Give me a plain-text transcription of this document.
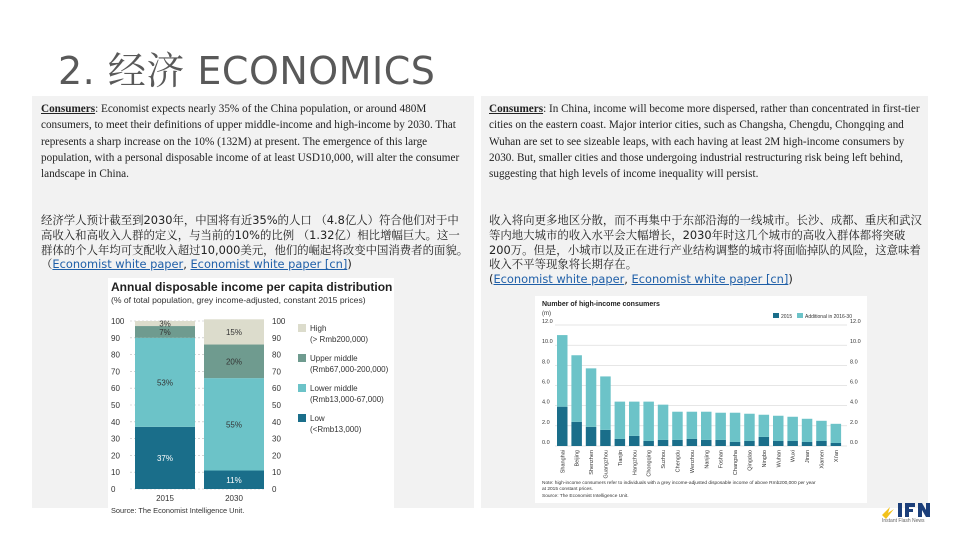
2. 经济 ECONOMICS
Consumers: Economist expects nearly 35% of the China population, or around 480M consumers, to meet their definitions of upper middle-income and high-income by 2030. That represents a sharp increase on the 10% (132M) at present. The emergence of this large population, with a personal disposable income of at least USD10,000, will alter the consumer landscape in China.
经济学人预计截至到2030年，中国将有近35%的人口 （4.8亿人）符合他们对于中高收入和高收入人群的定义，与当前的10%的比例 （1.32亿）相比增幅巨大。这一群体的个人年均可支配收入超过10,000美元，他们的崛起将改变中国消费者的面貌。 （Economist white paper, Economist white paper [cn])
Annual disposable income per capita distribution
(% of total population, grey income-adjusted, constant 2015 prices)
0	0
10	10
20	20
30	30
40	40
50	50
60	60
70	70
80	80
90	90
100	100
37%
53%
7%
3%
2015
11%
55%
20%
15%
2030
High
(> Rmb200,000)
Upper middle
(Rmb67,000-200,000)
Lower middle
(Rmb13,000-67,000)
Low
(<Rmb13,000)
Source: The Economist Intelligence Unit.
Consumers: In China, income will become more dispersed, rather than concentrated in first-tier cities on the eastern coast. Major interior cities, such as Changsha, Chengdu, Chongqing and Wuhan are set to see sizeable leaps, with each having at least 2M high-income consumers by 2030. But, smaller cities and those undergoing industrial restructuring risk being left behind, suggesting that high levels of income inequality will persist.
收入将向更多地区分散，而不再集中于东部沿海的一线城市。长沙、成都、重庆和武汉等内地大城市的收入水平会大幅增长，2030年时这几个城市的高收入群体都将突破200万。但是，小城市以及正在进行产业结构调整的城市将面临掉队的风险，这意味着收入不平等现象将长期存在。
(Economist white paper, Economist white paper [cn])
Number of high-income consumers
(m)	2015	Additional in 2016-30
0.0	0.0
2.0	2.0
4.0	4.0
6.0	6.0
8.0	8.0
10.0	10.0
12.0	12.0
Shanghai Beijing Shenzhen Guangzhou Tianjin Hangzhou Chongqing Suzhou Chengdu Wenzhou Nanjing Foshan Changsha Qingdao Ningbo Wuhan Wuxi Jinan Xiamen Xi'an
Note: high-income consumers refer to individuals with a grey income-adjusted disposable income of above Rmb200,000 per year
at 2015 constant prices.
Source: The Economist Intelligence Unit.
Instant Flash News
